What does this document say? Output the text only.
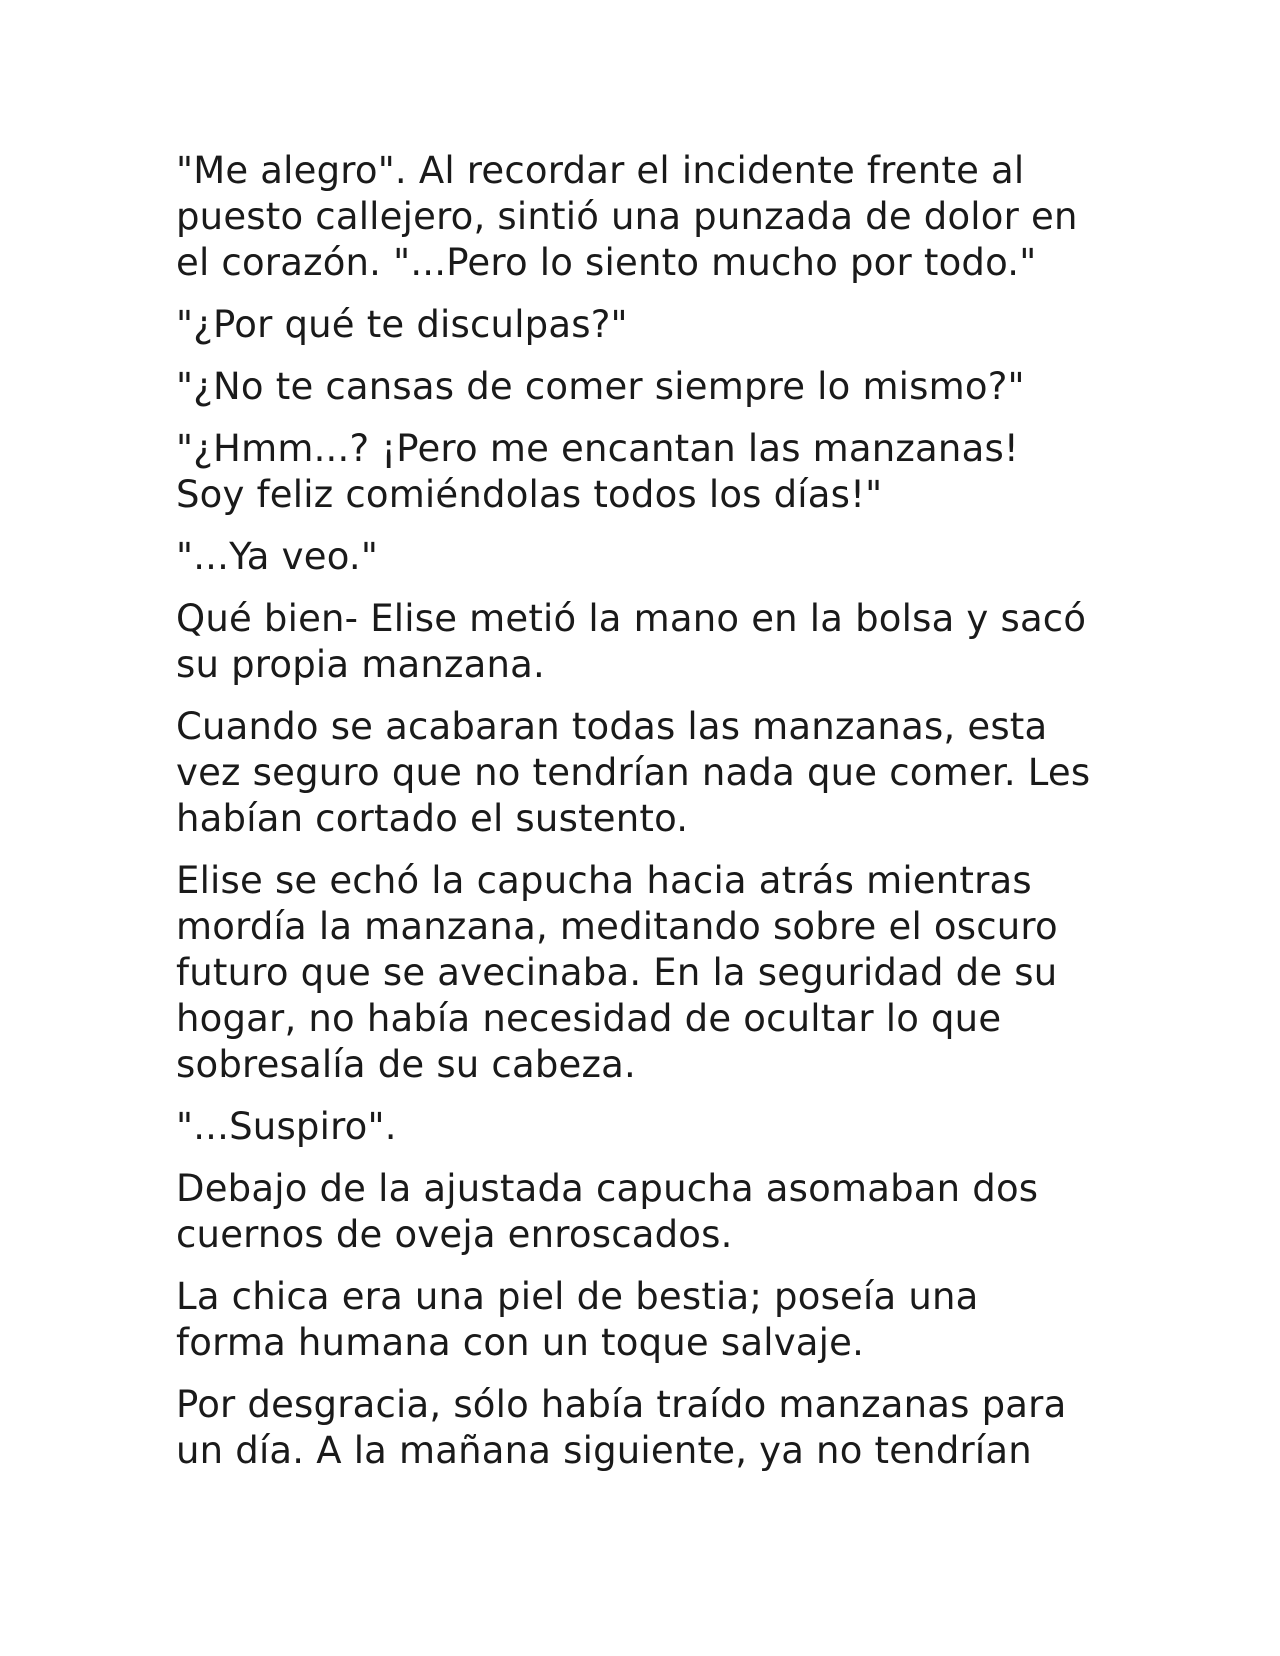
"Me alegro". Al recordar el incidente frente al
puesto callejero, sintió una punzada de dolor en
el corazón. "...Pero lo siento mucho por todo."

"¿Por qué te disculpas?"

"¿No te cansas de comer siempre lo mismo?"

"¿Hmm...? ¡Pero me encantan las manzanas!
Soy feliz comiéndolas todos los días!"

"...Ya veo."

Qué bien- Elise metió la mano en la bolsa y sacó
su propia manzana.

Cuando se acabaran todas las manzanas, esta
vez seguro que no tendrían nada que comer. Les
habían cortado el sustento.

Elise se echó la capucha hacia atrás mientras
mordía la manzana, meditando sobre el oscuro
futuro que se avecinaba. En la seguridad de su
hogar, no había necesidad de ocultar lo que
sobresalía de su cabeza.

"...Suspiro".

Debajo de la ajustada capucha asomaban dos
cuernos de oveja enroscados.

La chica era una piel de bestia; poseía una
forma humana con un toque salvaje.

Por desgracia, sólo había traído manzanas para
un día. A la mañana siguiente, ya no tendrían
